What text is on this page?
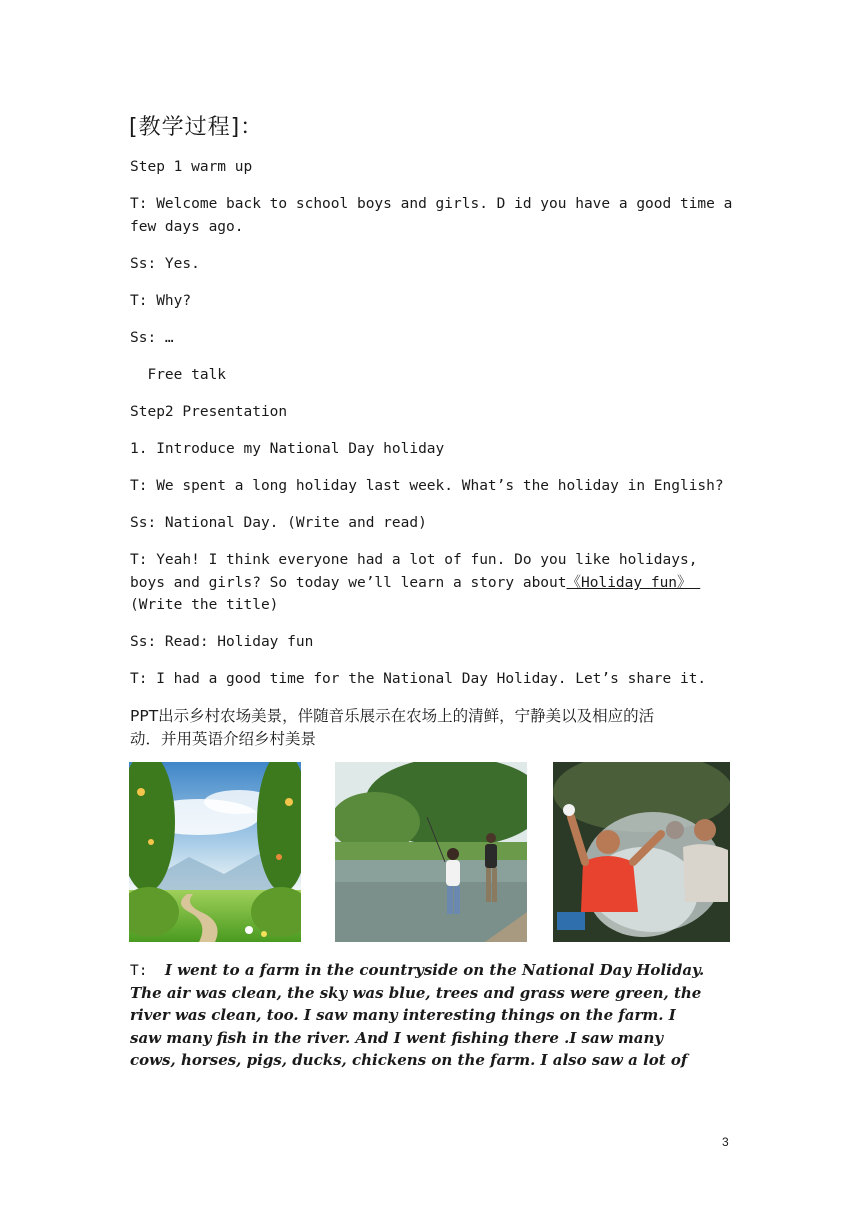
[教学过程]：
Step 1 warm up
T: Welcome back to school boys and girls. D id you have a good time a
few days ago.
Ss: Yes.
T: Why?
Ss: …
Free talk
Step2 Presentation
1. Introduce my National Day holiday
T: We spent a long holiday last week. What’s the holiday in English?
Ss: National Day. (Write and read)
T: Yeah! I think everyone had a lot of fun. Do you like holidays,
boys and girls? So today we’ll learn a story about《Holiday fun》
(Write the title)
Ss: Read: Holiday fun
T: I had a good time for the National Day Holiday. Let’s share it.
PPT出示乡村农场美景，伴随音乐展示在农场上的清鲜，宁静美以及相应的活
动．并用英语介绍乡村美景
T:  I went to a farm in the countryside on the National Day Holiday.
The air was clean, the sky was blue, trees and grass were green, the
river was clean, too. I saw many interesting things on the farm. I
saw many fish in the river. And I went fishing there .I saw many
cows, horses, pigs, ducks, chickens on the farm. I also saw a lot of
3
